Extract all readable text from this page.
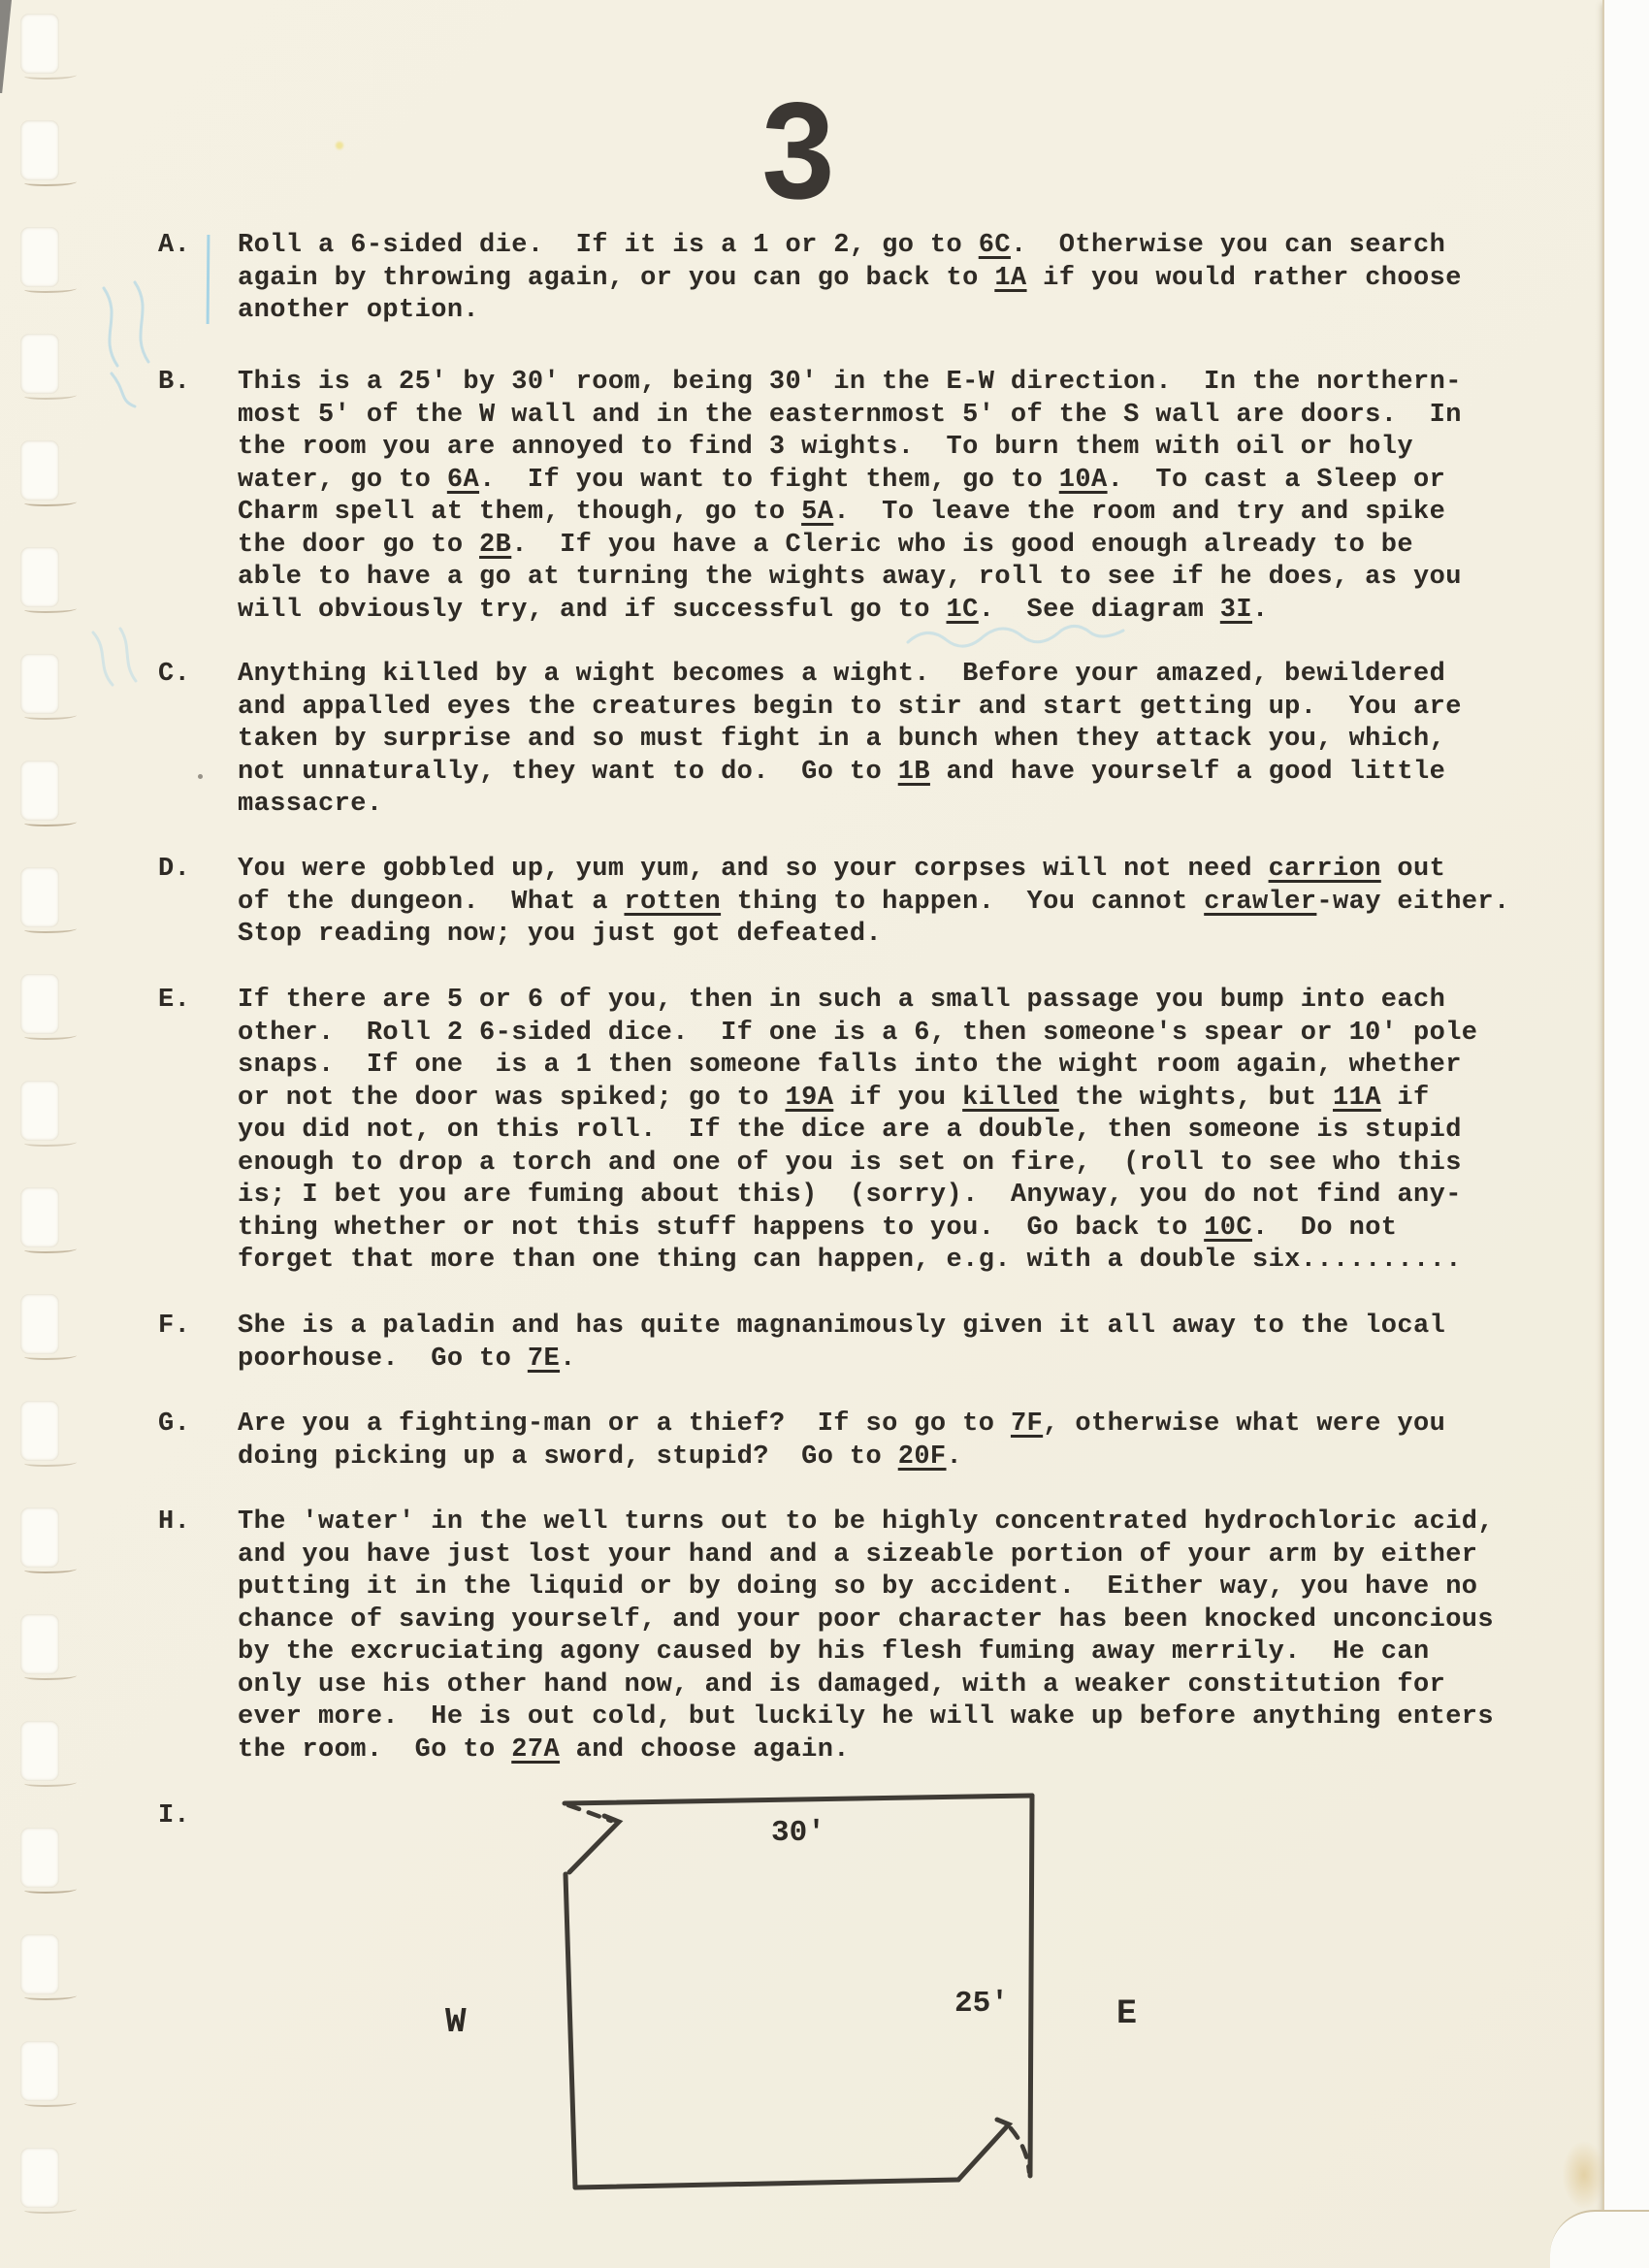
3
A. Roll a 6-sided die.  If it is a 1 or 2, go to 6C.  Otherwise you can search
again by throwing again, or you can go back to 1A if you would rather choose
another option.
B. This is a 25' by 30' room, being 30' in the E-W direction.  In the northern-
most 5' of the W wall and in the easternmost 5' of the S wall are doors.  In
the room you are annoyed to find 3 wights.  To burn them with oil or holy
water, go to 6A.  If you want to fight them, go to 10A.  To cast a Sleep or
Charm spell at them, though, go to 5A.  To leave the room and try and spike
the door go to 2B.  If you have a Cleric who is good enough already to be
able to have a go at turning the wights away, roll to see if he does, as you
will obviously try, and if successful go to 1C.  See diagram 3I.
C. Anything killed by a wight becomes a wight.  Before your amazed, bewildered
and appalled eyes the creatures begin to stir and start getting up.  You are
taken by surprise and so must fight in a bunch when they attack you, which,
not unnaturally, they want to do.  Go to 1B and have yourself a good little
massacre.
D. You were gobbled up, yum yum, and so your corpses will not need carrion out
of the dungeon.  What a rotten thing to happen.  You cannot crawler-way either.
Stop reading now; you just got defeated.
E. If there are 5 or 6 of you, then in such a small passage you bump into each
other.  Roll 2 6-sided dice.  If one is a 6, then someone's spear or 10' pole
snaps.  If one  is a 1 then someone falls into the wight room again, whether
or not the door was spiked; go to 19A if you killed the wights, but 11A if
you did not, on this roll.  If the dice are a double, then someone is stupid
enough to drop a torch and one of you is set on fire,  (roll to see who this
is; I bet you are fuming about this)  (sorry).  Anyway, you do not find any-
thing whether or not this stuff happens to you.  Go back to 10C.  Do not
forget that more than one thing can happen, e.g. with a double six..........
F. She is a paladin and has quite magnanimously given it all away to the local
poorhouse.  Go to 7E.
G. Are you a fighting-man or a thief?  If so go to 7F, otherwise what were you
doing picking up a sword, stupid?  Go to 20F.
H. The 'water' in the well turns out to be highly concentrated hydrochloric acid,
and you have just lost your hand and a sizeable portion of your arm by either
putting it in the liquid or by doing so by accident.  Either way, you have no
chance of saving yourself, and your poor character has been knocked unconcious
by the excruciating agony caused by his flesh fuming away merrily.  He can
only use his other hand now, and is damaged, with a weaker constitution for
ever more.  He is out cold, but luckily he will wake up before anything enters
the room.  Go to 27A and choose again.
I.	30'
25'
W	E
